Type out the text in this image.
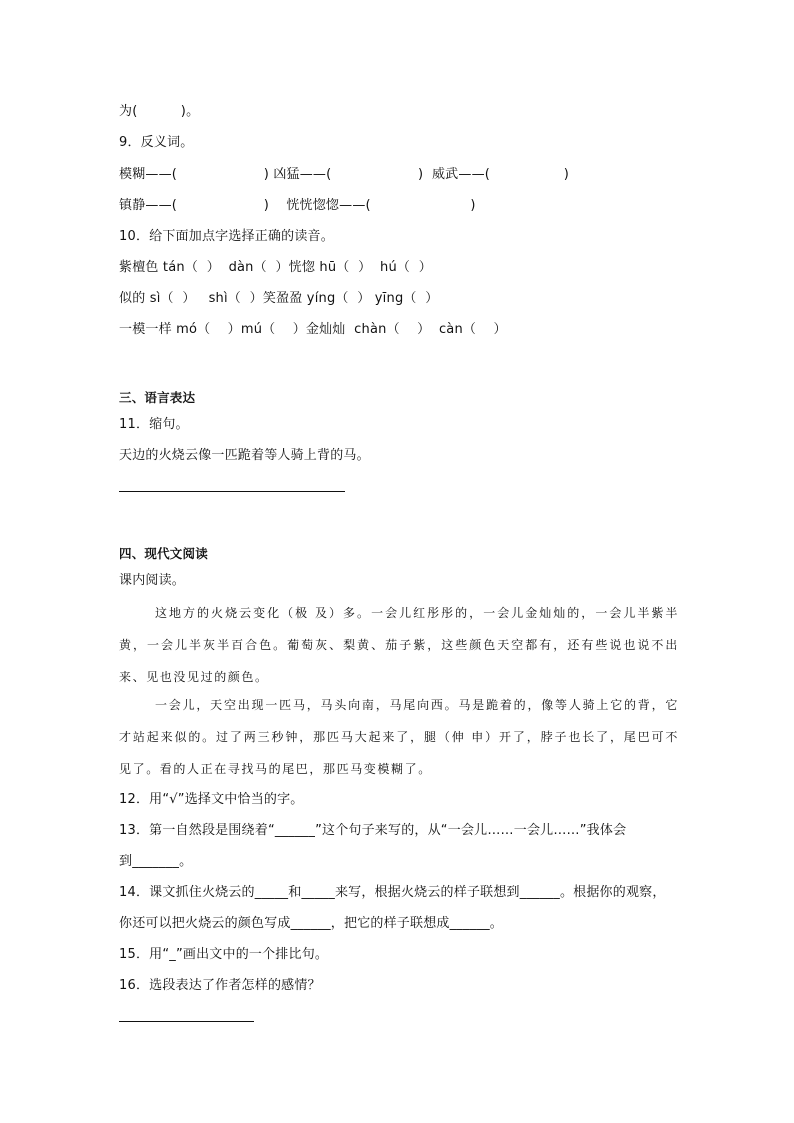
为(          )。
9．反义词。
模糊——(                    ) 凶猛——(                    )  威武——(                 )
镇静——(                    )    恍恍惚惚——(                       )
10．给下面加点字选择正确的读音。
紫檀色 tán（  ）  dàn（  ）恍惚 hū（  ）  hú（  ）
似的 sì（  ）   shì（  ）笑盈盈 yíng（  ） yīng（  ）
一模一样 mó（    ）mú（    ）金灿灿  chàn（    ）  càn（    ）
三、语言表达
11．缩句。
天边的火烧云像一匹跪着等人骑上背的马。
四、现代文阅读
课内阅读。
这地方的火烧云变化（极 及）多。一会儿红彤彤的，一会儿金灿灿的，一会儿半紫半黄，一会儿半灰半百合色。葡萄灰、梨黄、茄子紫，这些颜色天空都有，还有些说也说不出来、见也没见过的颜色。
一会儿，天空出现一匹马，马头向南，马尾向西。马是跪着的，像等人骑上它的背，它才站起来似的。过了两三秒钟，那匹马大起来了，腿（伸 申）开了，脖子也长了，尾巴可不见了。看的人正在寻找马的尾巴，那匹马变模糊了。
12．用“√”选择文中恰当的字。
13．第一自然段是围绕着“______”这个句子来写的，从“一会儿……一会儿……”我体会
到_______。
14．课文抓住火烧云的_____和_____来写，根据火烧云的样子联想到______。根据你的观察，
你还可以把火烧云的颜色写成______，把它的样子联想成______。
15．用“_”画出文中的一个排比句。
16．选段表达了作者怎样的感情？
